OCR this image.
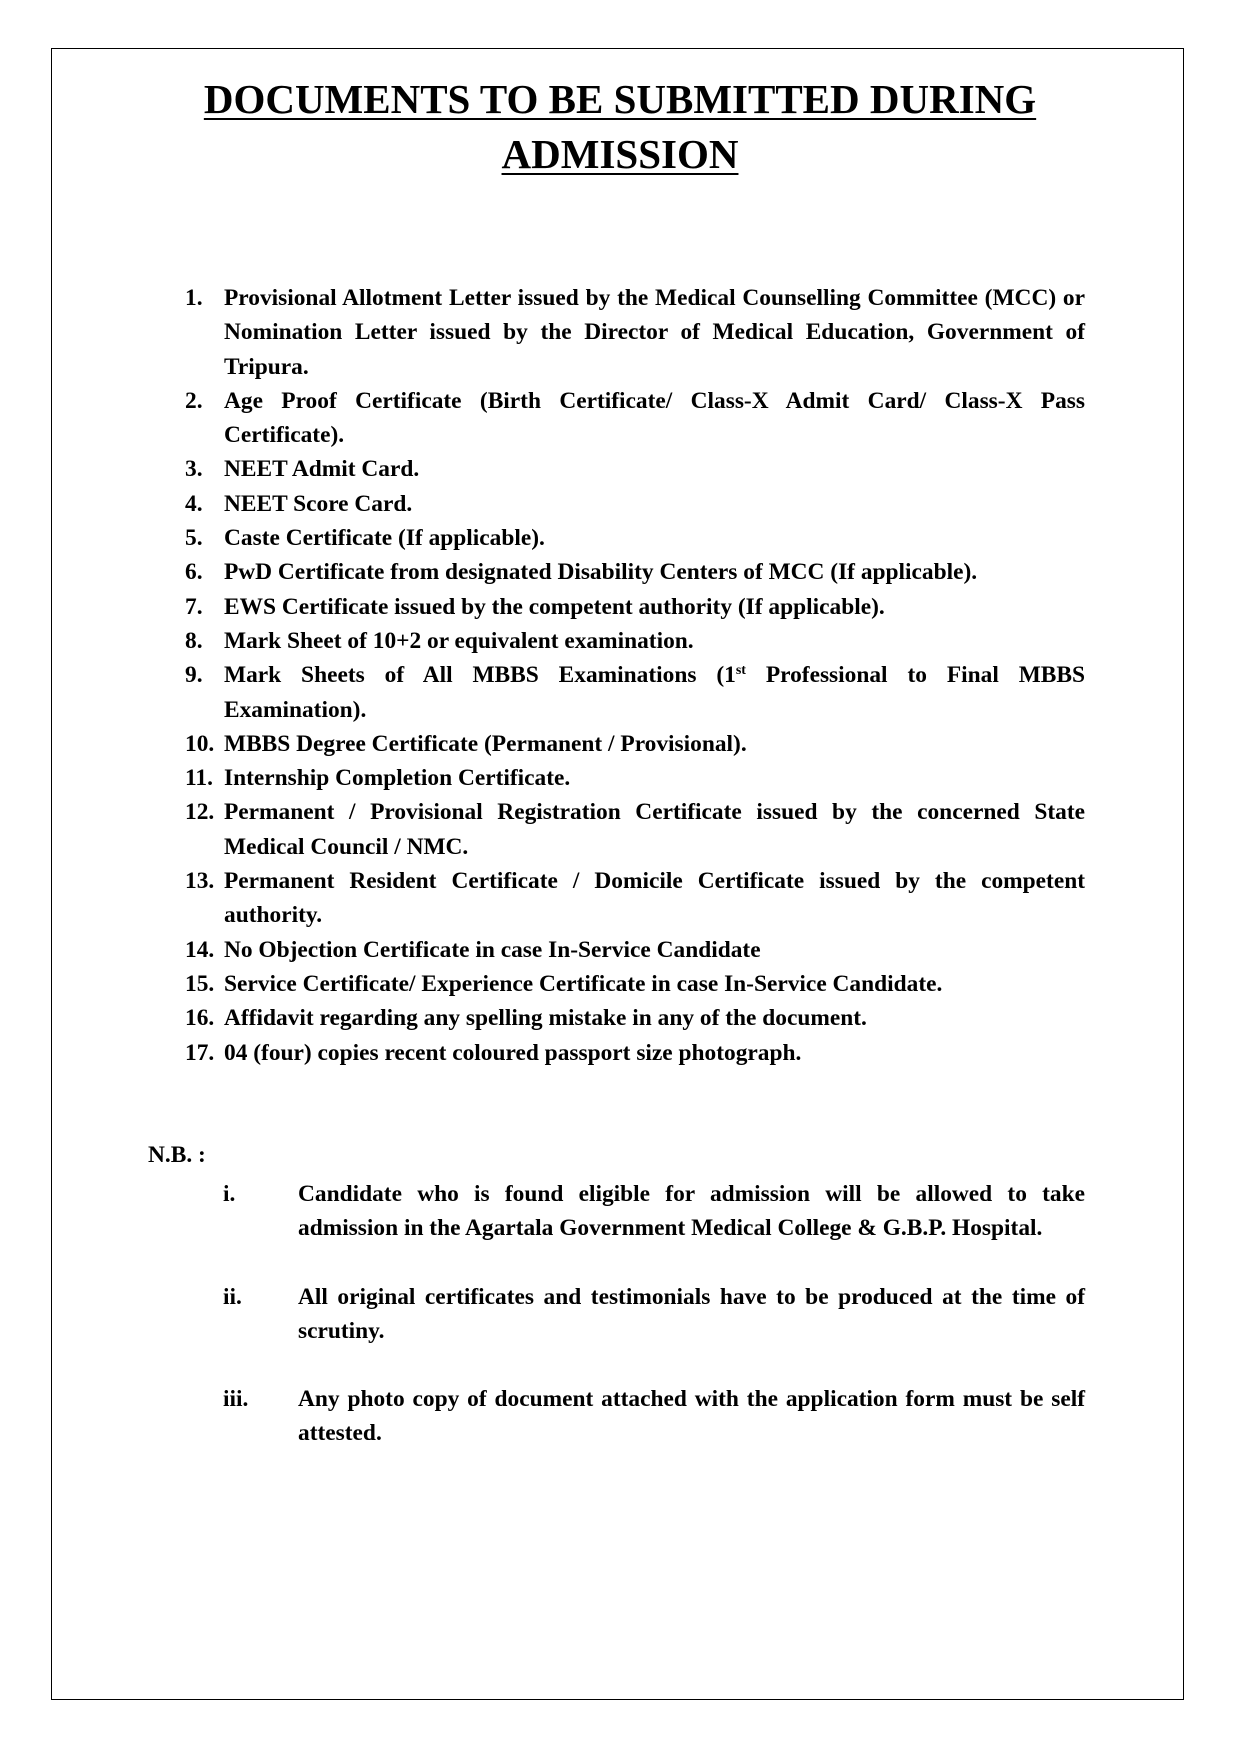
DOCUMENTS TO BE SUBMITTED DURING
ADMISSION
1. Provisional Allotment Letter issued by the Medical Counselling Committee (MCC) or Nomination Letter issued by the Director of Medical Education, Government of Tripura.
2. Age Proof Certificate (Birth Certificate/ Class-X Admit Card/ Class-X Pass Certificate).
3. NEET Admit Card.
4. NEET Score Card.
5. Caste Certificate (If applicable).
6. PwD Certificate from designated Disability Centers of MCC (If applicable).
7. EWS Certificate issued by the competent authority (If applicable).
8. Mark Sheet of 10+2 or equivalent examination.
9. Mark Sheets of All MBBS Examinations (1st Professional to Final MBBS Examination).
10. MBBS Degree Certificate (Permanent / Provisional).
11. Internship Completion Certificate.
12. Permanent / Provisional Registration Certificate issued by the concerned State Medical Council / NMC.
13. Permanent Resident Certificate / Domicile Certificate issued by the competent authority.
14. No Objection Certificate in case In-Service Candidate
15. Service Certificate/ Experience Certificate in case In-Service Candidate.
16. Affidavit regarding any spelling mistake in any of the document.
17. 04 (four) copies recent coloured passport size photograph.
N.B. :
i.	Candidate who is found eligible for admission will be allowed to take admission in the Agartala Government Medical College & G.B.P. Hospital.
ii. All original certificates and testimonials have to be produced at the time of scrutiny.
iii. Any photo copy of document attached with the application form must be self attested.
